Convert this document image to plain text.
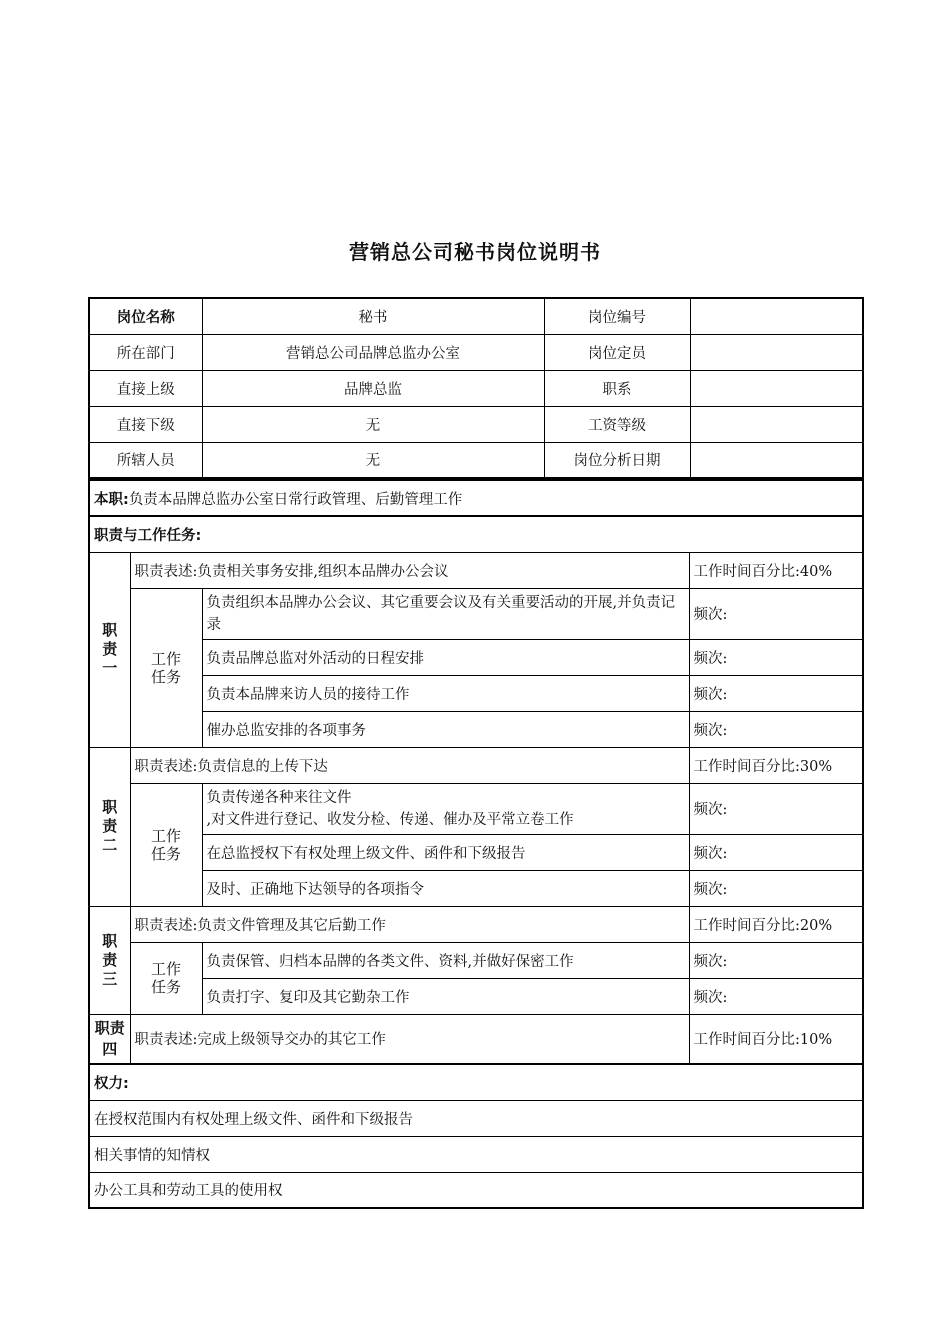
营销总公司秘书岗位说明书
岗位名称	秘书	岗位编号	
所在部门	营销总公司品牌总监办公室	岗位定员	
直接上级	品牌总监	职系	
直接下级	无	工资等级	
所辖人员	无	岗位分析日期	
本职:负责本品牌总监办公室日常行政管理、后勤管理工作			
职责与工作任务:			
职责一	职责表述:负责相关事务安排,组织本品牌办公会议		工作时间百分比:40%
	工作任务	负责组织本品牌办公会议、其它重要会议及有关重要活动的开展,并负责记录	频次:
		负责品牌总监对外活动的日程安排	频次:
		负责本品牌来访人员的接待工作	频次:
		催办总监安排的各项事务	频次:
职责二	职责表述:负责信息的上传下达		工作时间百分比:30%
	工作任务	负责传递各种来往文件
,对文件进行登记、收发分检、传递、催办及平常立卷工作	频次:
		在总监授权下有权处理上级文件、函件和下级报告	频次:
		及时、正确地下达领导的各项指令	频次:
职责三	职责表述:负责文件管理及其它后勤工作		工作时间百分比:20%
	工作任务	负责保管、归档本品牌的各类文件、资料,并做好保密工作	频次:
		负责打字、复印及其它勤杂工作	频次:
职责四	职责表述:完成上级领导交办的其它工作		工作时间百分比:10%
权力:			
在授权范围内有权处理上级文件、函件和下级报告			
相关事情的知情权			
办公工具和劳动工具的使用权			
